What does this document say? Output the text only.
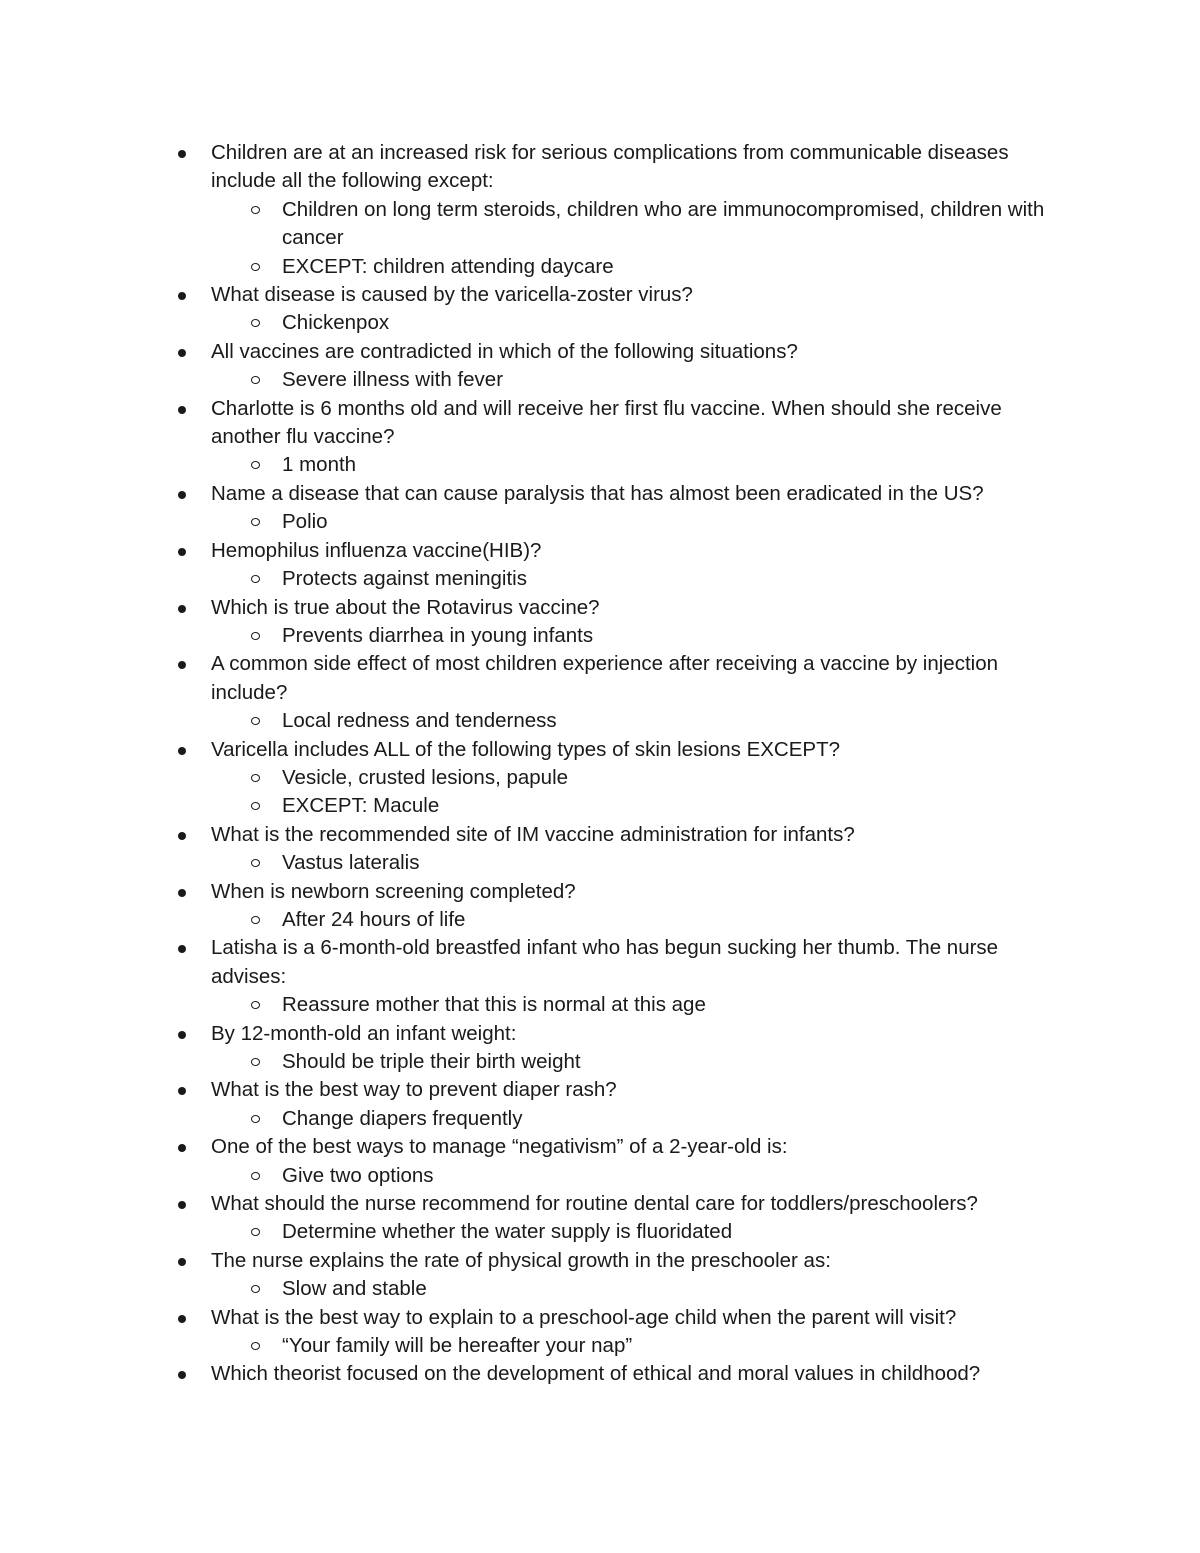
Children are at an increased risk for serious complications from communicable diseases include all the following except:
Children on long term steroids, children who are immunocompromised, children with cancer
EXCEPT: children attending daycare
What disease is caused by the varicella-zoster virus?
Chickenpox
All vaccines are contradicted in which of the following situations?
Severe illness with fever
Charlotte is 6 months old and will receive her first flu vaccine. When should she receive another flu vaccine?
1 month
Name a disease that can cause paralysis that has almost been eradicated in the US?
Polio
Hemophilus influenza vaccine(HIB)?
Protects against meningitis
Which is true about the Rotavirus vaccine?
Prevents diarrhea in young infants
A common side effect of most children experience after receiving a vaccine by injection include?
Local redness and tenderness
Varicella includes ALL of the following types of skin lesions EXCEPT?
Vesicle, crusted lesions, papule
EXCEPT: Macule
What is the recommended site of IM vaccine administration for infants?
Vastus lateralis
When is newborn screening completed?
After 24 hours of life
Latisha is a 6-month-old breastfed infant who has begun sucking her thumb. The nurse advises:
Reassure mother that this is normal at this age
By 12-month-old an infant weight:
Should be triple their birth weight
What is the best way to prevent diaper rash?
Change diapers frequently
One of the best ways to manage “negativism” of a 2-year-old is:
Give two options
What should the nurse recommend for routine dental care for toddlers/preschoolers?
Determine whether the water supply is fluoridated
The nurse explains the rate of physical growth in the preschooler as:
Slow and stable
What is the best way to explain to a preschool-age child when the parent will visit?
“Your family will be hereafter your nap”
Which theorist focused on the development of ethical and moral values in childhood?
